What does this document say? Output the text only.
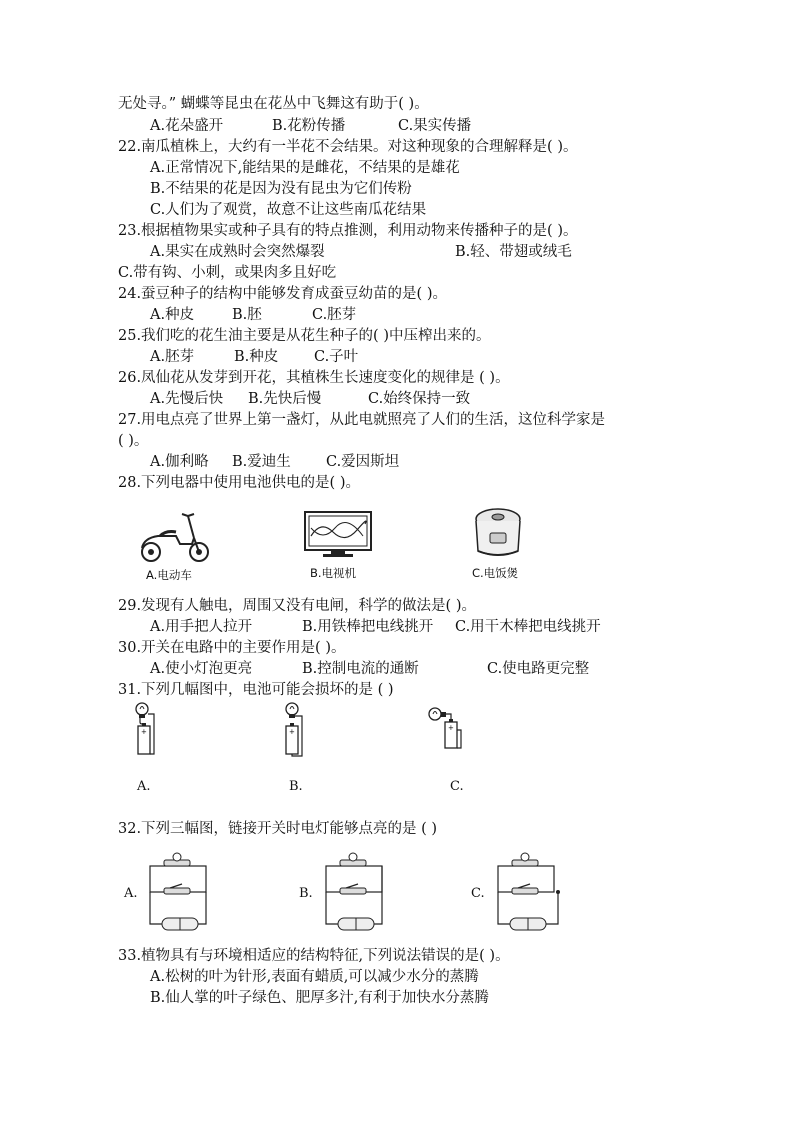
无处寻。” 蝴蝶等昆虫在花丛中飞舞这有助于( )。
A.花朵盛开	B.花粉传播	C.果实传播
22.南瓜植株上，大约有一半花不会结果。对这种现象的合理解释是( )。
A.正常情况下,能结果的是雌花，不结果的是雄花
B.不结果的花是因为没有昆虫为它们传粉
C.人们为了观赏，故意不让这些南瓜花结果
23.根据植物果实或种子具有的特点推测，利用动物来传播种子的是( )。
A.果实在成熟时会突然爆裂	B.轻、带翅或绒毛
C.带有钩、小刺，或果肉多且好吃
24.蚕豆种子的结构中能够发育成蚕豆幼苗的是( )。
A.种皮	B.胚	C.胚芽
25.我们吃的花生油主要是从花生种子的( )中压榨出来的。
A.胚芽	B.种皮 C.子叶
26.凤仙花从发芽到开花，其植株生长速度变化的规律是 ( )。
A.先慢后快 B.先快后慢	C.始终保持一致
27.用电点亮了世界上第一盏灯，从此电就照亮了人们的生活，这位科学家是
( )。
A.伽利略 B.爱迪生 C.爱因斯坦
28.下列电器中使用电池供电的是( )。
A.电动车	B.电视机	C.电饭煲
29.发现有人触电，周围又没有电闸，科学的做法是( )。
A.用手把人拉开	B.用铁棒把电线挑开 C.用干木棒把电线挑开
30.开关在电路中的主要作用是( )。
A.使小灯泡更亮	B.控制电流的通断	C.使电路更完整
31.下列几幅图中，电池可能会损坏的是 ( )
+	+	+
A.	B.	C.
32.下列三幅图，链接开关时电灯能够点亮的是 ( )
A.	B.	C.
33.植物具有与环境相适应的结构特征,下列说法错误的是( )。
A.松树的叶为针形,表面有蜡质,可以减少水分的蒸腾
B.仙人掌的叶子绿色、肥厚多汁,有利于加快水分蒸腾
